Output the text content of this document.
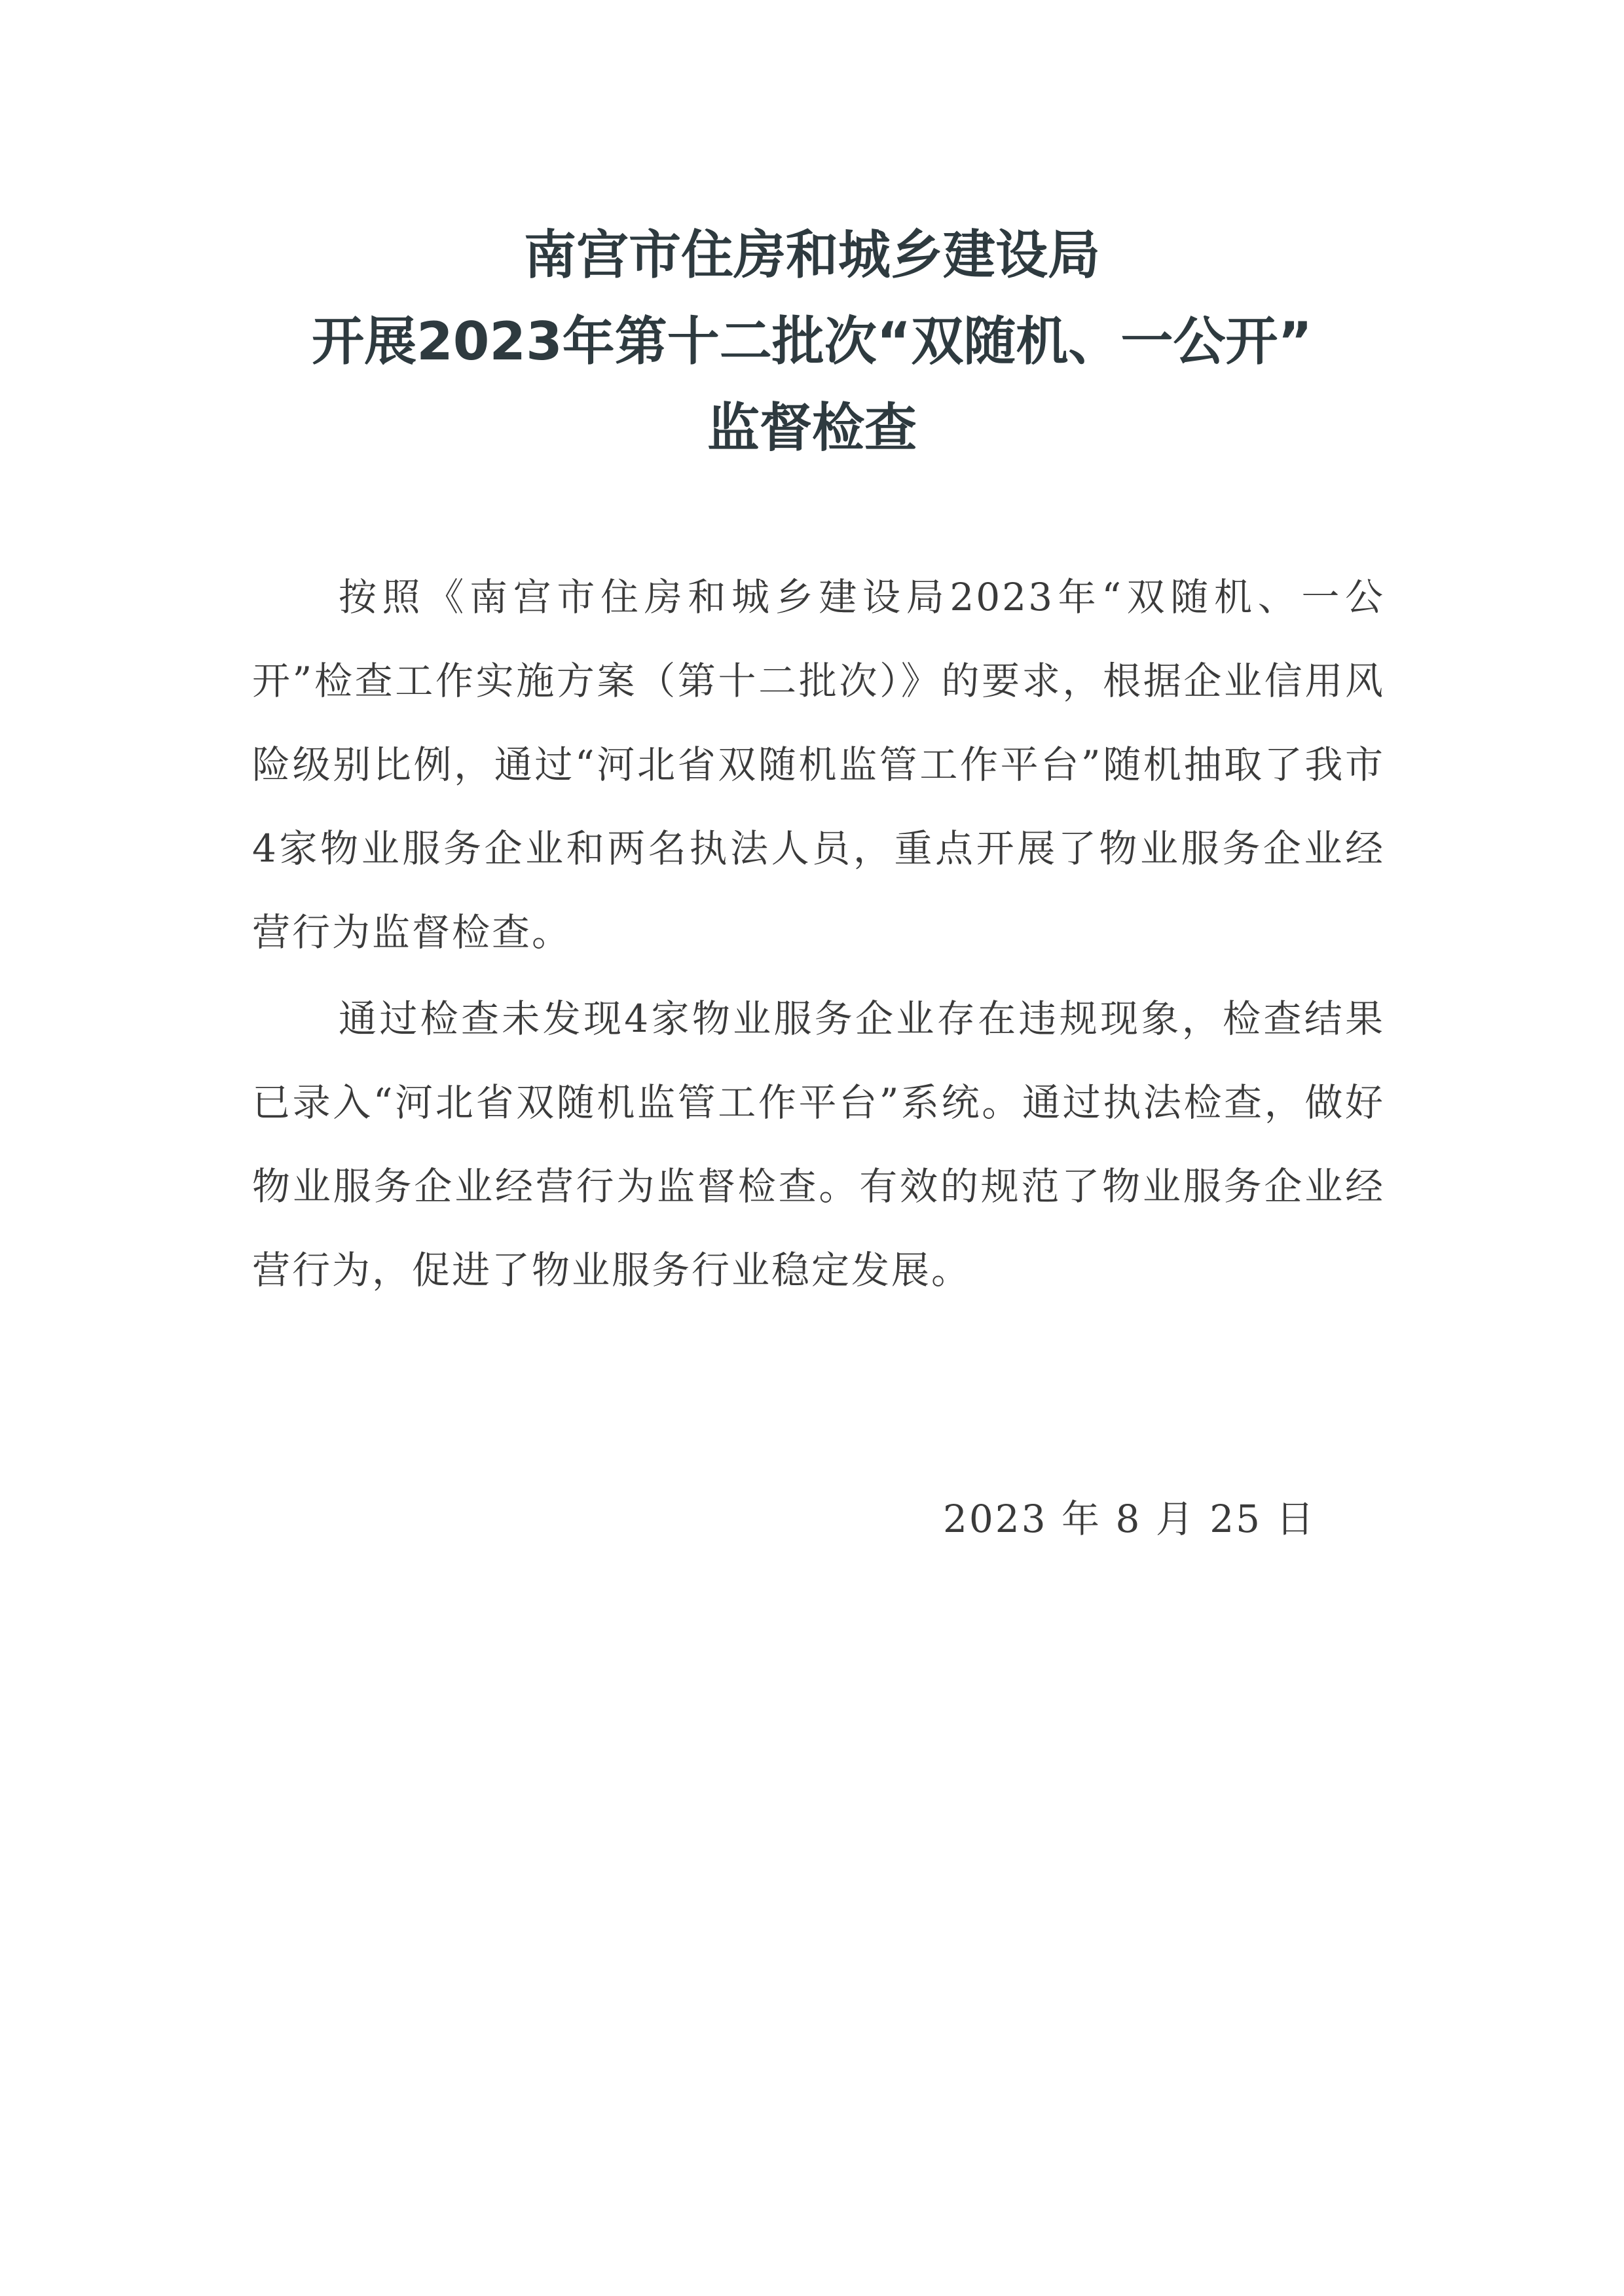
南宫市住房和城乡建设局
开展2023年第十二批次“双随机、一公开”
监督检查

按照《南宫市住房和城乡建设局2023年“双随机、一公开”检查工作实施方案（第十二批次）》的要求，根据企业信用风险级别比例，通过“河北省双随机监管工作平台”随机抽取了我市4家物业服务企业和两名执法人员，重点开展了物业服务企业经营行为监督检查。

通过检查未发现4家物业服务企业存在违规现象，检查结果已录入“河北省双随机监管工作平台”系统。通过执法检查，做好物业服务企业经营行为监督检查。有效的规范了物业服务企业经营行为，促进了物业服务行业稳定发展。

2023 年 8 月 25 日
